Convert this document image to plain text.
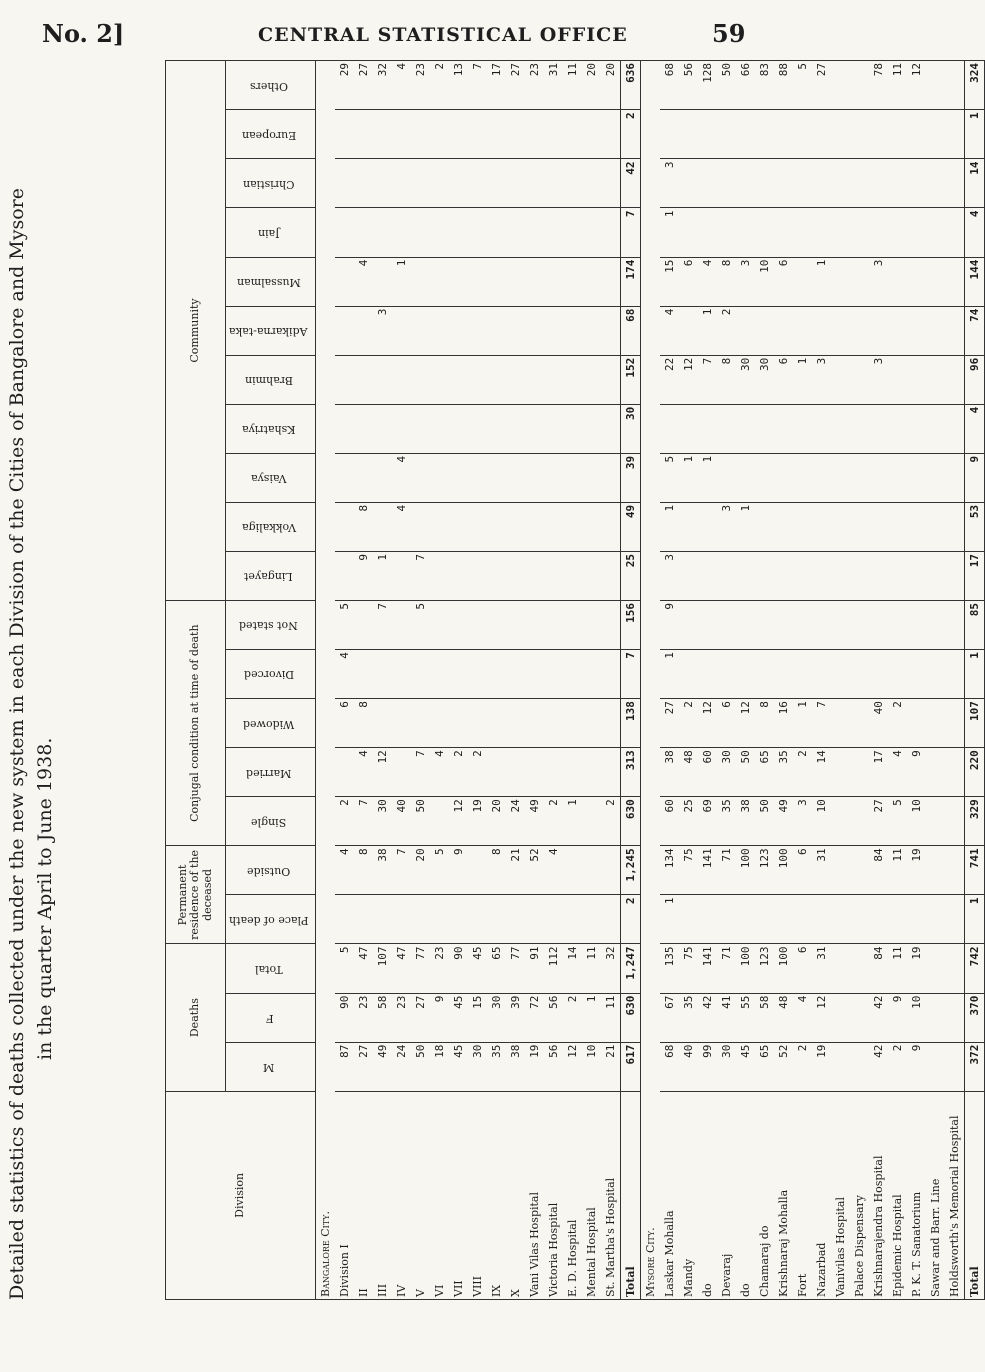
No. 2]	CENTRAL STATISTICAL OFFICE	59
Detailed statistics of deaths collected under the new system in each Division of the Cities of Bangalore and Mysore in the quarter April to June 1938.
Division	Deaths			Permanent residence of the deceased		Conjugal condition at time of death					Community										
	M	F	Total	Place of death	Outside	Single	Married	Widowed	Divorced	Not stated	Lingayet	Vokkaliga	Vaisya	Kshatriya	Brahmin	Adikarna-taka	Mussalman	Jain	Christian	European	Others
Bangalore City.																					
Division I	87	90	5		4	2		6	4	5											29
II	27	23	47		8	7	4	8			9	8					4				27
III	49	58	107		38	30	12			7	1					3					32
IV	24	23	47		7	40						4	4				1				4
V	50	27	77		20	50	7			5	7										23
VI	18	9	23		5		4														2
VII	45	45	90		9	12	2														13
VIII	30	15	45			19	2														7
IX	35	30	65		8	20															17
X	38	39	77		21	24															27
Vani Vilas Hospital	19	72	91		52	49															23
Victoria Hospital	56	56	112		4	2															31
E. D. Hospital	12	2	14			1															11
Mental Hospital	10	1	11																		20
St. Martha's Hospital	21	11	32			2															20
Total	617	630	1,247	2	1,245	630	313	138	7	156	25	49	39	30	152	68	174	7	42	2	636
Mysore City.																					
Laskar Mohalla	68	67	135	1	134	60	38	27	1	9	3	1	5		22	4	15	1	3		68
Mandy	40	35	75		75	25	48	2					1		12		6				56
do	99	42	141		141	69	60	12					1		7	1	4				128
Devaraj	30	41	71		71	35	30	6				3			8	2	8				50
do	45	55	100		100	38	50	12				1			30		3				66
Chamaraj do	65	58	123		123	50	65	8							30		10				83
Krishnaraj Mohalla	52	48	100		100	49	35	16							6		6				88
Fort	2	4	6		6	3	2	1							1						5
Nazarbad	19	12	31		31	10	14	7							3		1				27
Vanivilas Hospital																					
Palace Dispensary																					
Krishnarajendra Hospital	42	42	84		84	27	17	40							3		3				78
Epidemic Hospital	2	9	11		11	5	4	2													11
P. K. T. Sanatorium	9	10	19		19	10	9														12
Sawar and Barr. Line																					
Holdsworth's Memorial Hospital																					
Total	372	370	742	1	741	329	220	107	1	85	17	53	9	4	96	74	144	4	14	1	324
